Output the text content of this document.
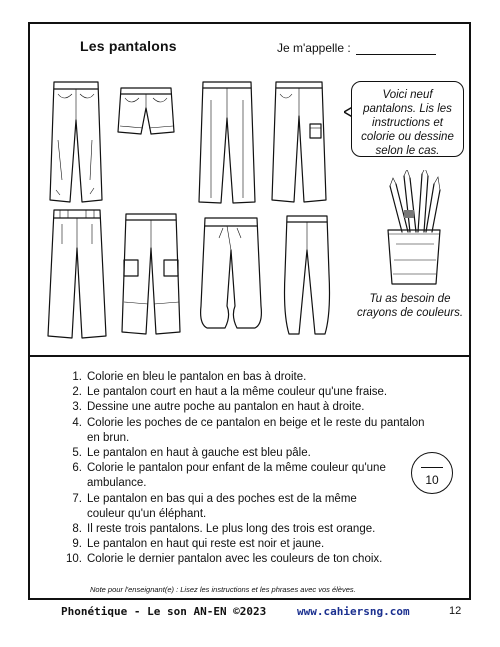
Les pantalons	Je m'appelle :
Voici neuf pantalons. Lis les instructions et colorie ou dessine selon le cas.
Tu as besoin de crayons de couleurs.
1. Colorie en bleu le pantalon en bas à droite.
2. Le pantalon court en haut a la même couleur qu'une fraise.
3. Dessine une autre poche au pantalon en haut à droite.
4. Colorie les poches de ce pantalon en beige et le reste du pantalon en brun.
5. Le pantalon en haut à gauche est bleu pâle.
6. Colorie le pantalon pour enfant de la même couleur qu'une ambulance.
7. Le pantalon en bas qui a des poches est de la même couleur qu'un éléphant.
8. Il reste trois pantalons. Le plus long des trois est orange.
9. Le pantalon en haut qui reste est noir et jaune.
10. Colorie le dernier pantalon avec les couleurs de ton choix.
10
Note pour l'enseignant(e) : Lisez les instructions et les phrases avec vos élèves.
Phonétique - Le son AN-EN ©2023	www.cahiersng.com	12
